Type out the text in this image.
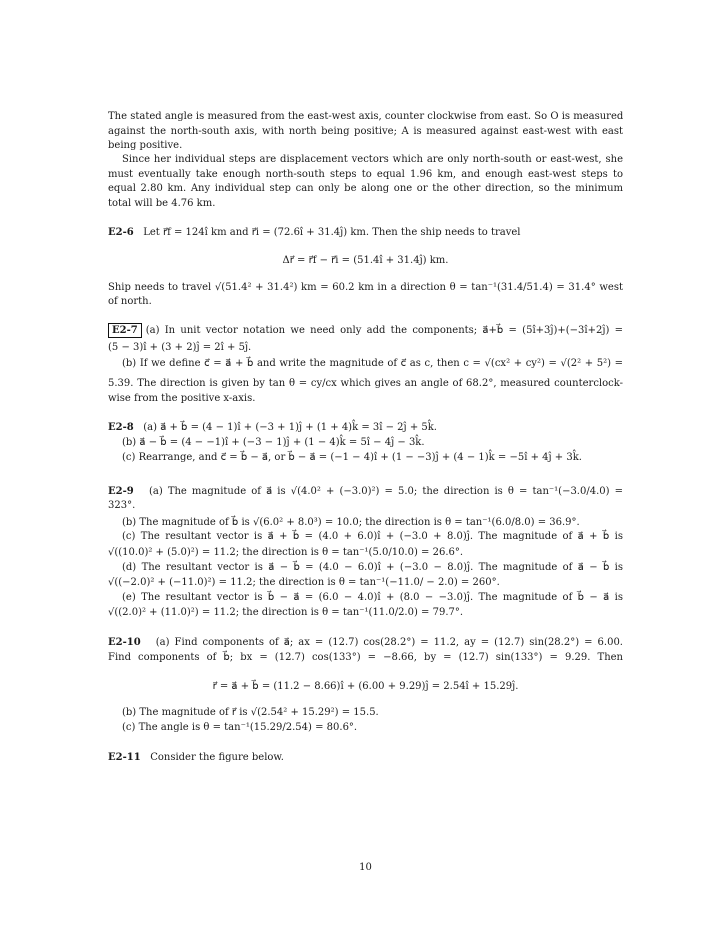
The stated angle is measured from the east-west axis, counter clockwise from east. So O is measured
against the north-south axis, with north being positive; A is measured against east-west with east
being positive.
Since her individual steps are displacement vectors which are only north-south or east-west, she
must eventually take enough north-south steps to equal 1.96 km, and enough east-west steps to
equal 2.80 km. Any individual step can only be along one or the other direction, so the minimum
total will be 4.76 km.
E2-6 Let r⃗f = 124î km and r⃗i = (72.6î + 31.4ĵ) km. Then the ship needs to travel
Δr⃗ = r⃗f − r⃗i = (51.4î + 31.4ĵ) km.
Ship needs to travel √(51.4² + 31.4²) km = 60.2 km in a direction θ = tan⁻¹(31.4/51.4) = 31.4° west
of north.
E2-7 (a) In unit vector notation we need only add the components; a⃗+b⃗ = (5î+3ĵ)+(−3î+2ĵ) =
(5 − 3)î + (3 + 2)ĵ = 2î + 5ĵ.
(b) If we define c⃗ = a⃗ + b⃗ and write the magnitude of c⃗ as c, then c = √(cx² + cy²) = √(2² + 5²) =
5.39. The direction is given by tan θ = cy/cx which gives an angle of 68.2°, measured counterclock-
wise from the positive x-axis.
E2-8 (a) a⃗ + b⃗ = (4 − 1)î + (−3 + 1)ĵ + (1 + 4)k̂ = 3î − 2ĵ + 5k̂.
(b) a⃗ − b⃗ = (4 − −1)î + (−3 − 1)ĵ + (1 − 4)k̂ = 5î − 4ĵ − 3k̂.
(c) Rearrange, and c⃗ = b⃗ − a⃗, or b⃗ − a⃗ = (−1 − 4)î + (1 − −3)ĵ + (4 − 1)k̂ = −5î + 4ĵ + 3k̂.
E2-9 (a) The magnitude of a⃗ is √(4.0² + (−3.0)²) = 5.0; the direction is θ = tan⁻¹(−3.0/4.0) =
323°.
(b) The magnitude of b⃗ is √(6.0² + 8.0³) = 10.0; the direction is θ = tan⁻¹(6.0/8.0) = 36.9°.
(c) The resultant vector is a⃗ + b⃗ = (4.0 + 6.0)î + (−3.0 + 8.0)ĵ. The magnitude of a⃗ + b⃗ is
√((10.0)² + (5.0)²) = 11.2; the direction is θ = tan⁻¹(5.0/10.0) = 26.6°.
(d) The resultant vector is a⃗ − b⃗ = (4.0 − 6.0)î + (−3.0 − 8.0)ĵ. The magnitude of a⃗ − b⃗ is
√((−2.0)² + (−11.0)²) = 11.2; the direction is θ = tan⁻¹(−11.0/ − 2.0) = 260°.
(e) The resultant vector is b⃗ − a⃗ = (6.0 − 4.0)î + (8.0 − −3.0)ĵ. The magnitude of b⃗ − a⃗ is
√((2.0)² + (11.0)²) = 11.2; the direction is θ = tan⁻¹(11.0/2.0) = 79.7°.
E2-10 (a) Find components of a⃗; ax = (12.7) cos(28.2°) = 11.2, ay = (12.7) sin(28.2°) = 6.00.
Find components of b⃗; bx = (12.7) cos(133°) = −8.66, by = (12.7) sin(133°) = 9.29. Then
r⃗ = a⃗ + b⃗ = (11.2 − 8.66)î + (6.00 + 9.29)ĵ = 2.54î + 15.29ĵ.
(b) The magnitude of r⃗ is √(2.54² + 15.29²) = 15.5.
(c) The angle is θ = tan⁻¹(15.29/2.54) = 80.6°.
E2-11 Consider the figure below.
10
